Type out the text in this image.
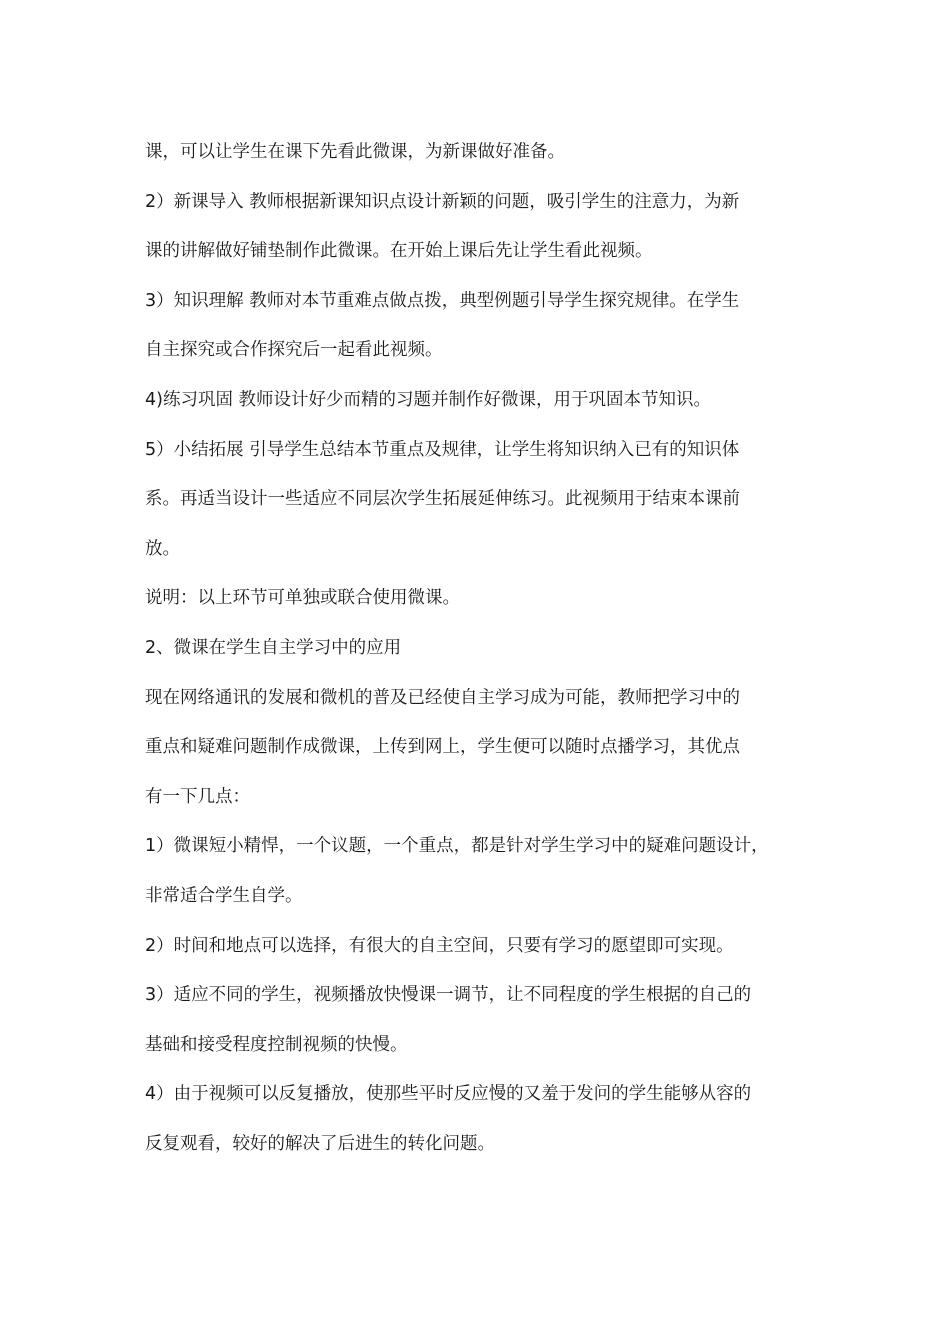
课，可以让学生在课下先看此微课，为新课做好准备。
2）新课导入 教师根据新课知识点设计新颖的问题，吸引学生的注意力，为新
课的讲解做好铺垫制作此微课。在开始上课后先让学生看此视频。
3）知识理解 教师对本节重难点做点拨，典型例题引导学生探究规律。在学生
自主探究或合作探究后一起看此视频。
4)练习巩固 教师设计好少而精的习题并制作好微课，用于巩固本节知识。
5）小结拓展 引导学生总结本节重点及规律，让学生将知识纳入已有的知识体
系。再适当设计一些适应不同层次学生拓展延伸练习。此视频用于结束本课前
放。
说明：以上环节可单独或联合使用微课。
2、微课在学生自主学习中的应用
现在网络通讯的发展和微机的普及已经使自主学习成为可能，教师把学习中的
重点和疑难问题制作成微课，上传到网上，学生便可以随时点播学习，其优点
有一下几点：
1）微课短小精悍，一个议题，一个重点，都是针对学生学习中的疑难问题设计，
非常适合学生自学。
2）时间和地点可以选择，有很大的自主空间，只要有学习的愿望即可实现。
3）适应不同的学生，视频播放快慢课一调节，让不同程度的学生根据的自己的
基础和接受程度控制视频的快慢。
4）由于视频可以反复播放，使那些平时反应慢的又羞于发问的学生能够从容的
反复观看，较好的解决了后进生的转化问题。
